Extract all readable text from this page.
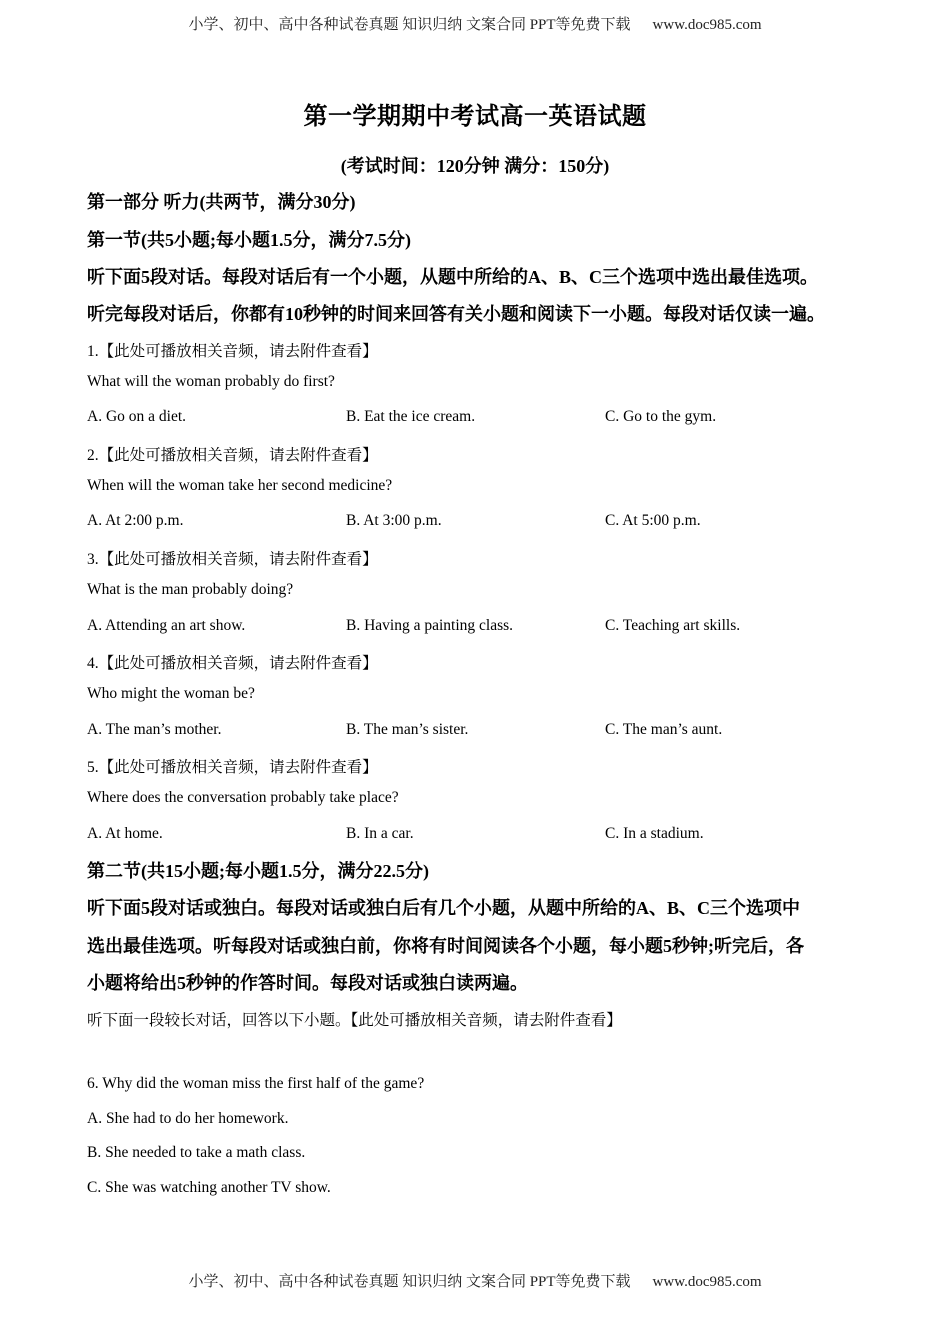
小学、初中、高中各种试卷真题 知识归纳 文案合同 PPT等免费下载 www.doc985.com
第一学期期中考试高一英语试题
(考试时间：120分钟 满分：150分)
第一部分 听力(共两节，满分30分)
第一节(共5小题;每小题1.5分，满分7.5分)
听下面5段对话。每段对话后有一个小题，从题中所给的A、B、C三个选项中选出最佳选项。
听完每段对话后，你都有10秒钟的时间来回答有关小题和阅读下一小题。每段对话仅读一遍。
1.【此处可播放相关音频，请去附件查看】
What will the woman probably do first?
A. Go on a diet.	B. Eat the ice cream.	C. Go to the gym.
2.【此处可播放相关音频，请去附件查看】
When will the woman take her second medicine?
A. At 2:00 p.m.	B. At 3:00 p.m.	C. At 5:00 p.m.
3.【此处可播放相关音频，请去附件查看】
What is the man probably doing?
A. Attending an art show.	B. Having a painting class.	C. Teaching art skills.
4.【此处可播放相关音频，请去附件查看】
Who might the woman be?
A. The man’s mother.	B. The man’s sister.	C. The man’s aunt.
5.【此处可播放相关音频，请去附件查看】
Where does the conversation probably take place?
A. At home.	B. In a car.	C. In a stadium.
第二节(共15小题;每小题1.5分，满分22.5分)
听下面5段对话或独白。每段对话或独白后有几个小题，从题中所给的A、B、C三个选项中
选出最佳选项。听每段对话或独白前，你将有时间阅读各个小题，每小题5秒钟;听完后，各
小题将给出5秒钟的作答时间。每段对话或独白读两遍。
听下面一段较长对话，回答以下小题。【此处可播放相关音频，请去附件查看】
6. Why did the woman miss the first half of the game?
A. She had to do her homework.
B. She needed to take a math class.
C. She was watching another TV show.
小学、初中、高中各种试卷真题 知识归纳 文案合同 PPT等免费下载 www.doc985.com
